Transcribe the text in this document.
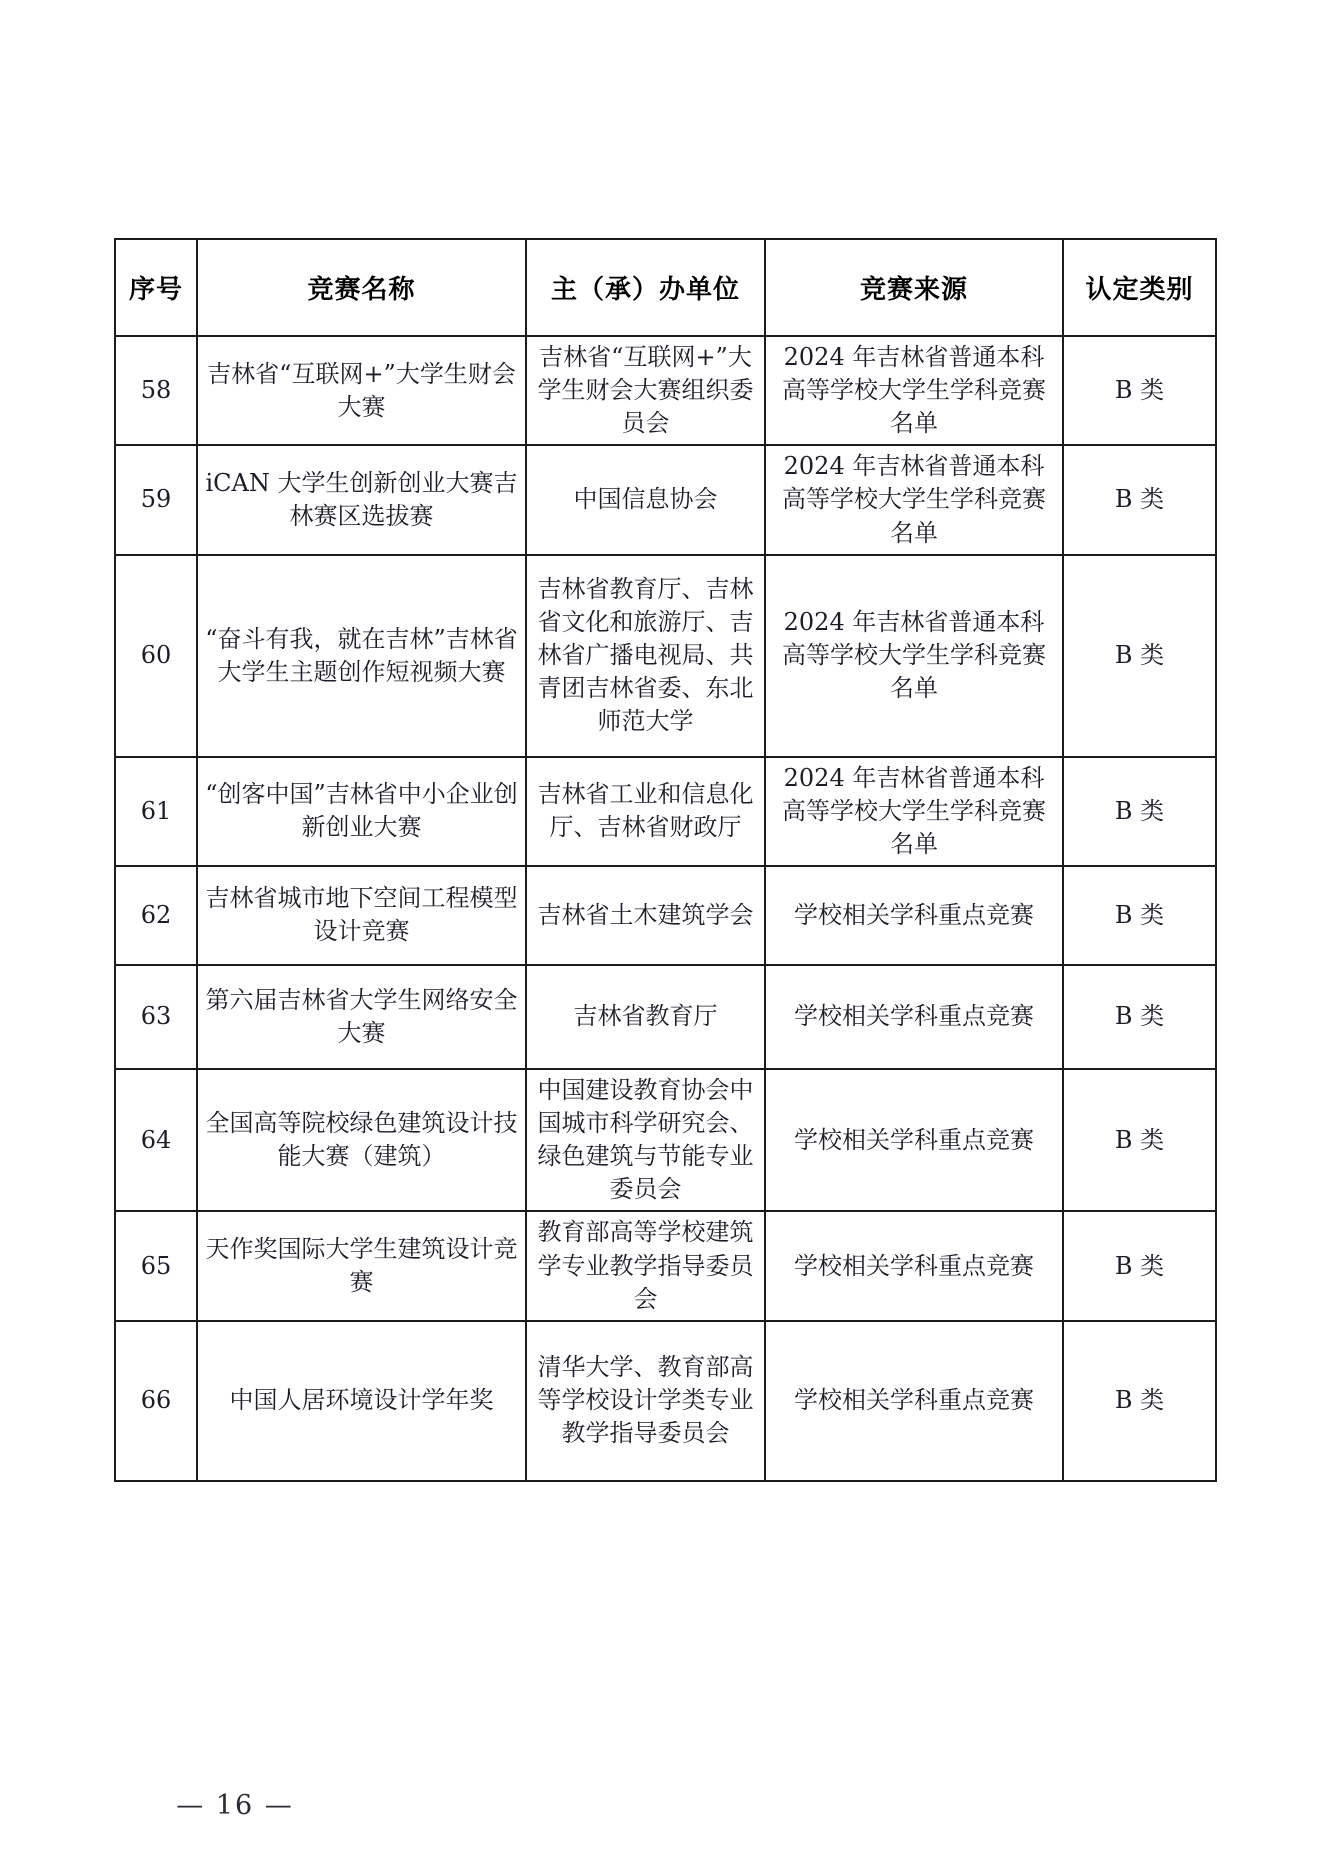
序号	竞赛名称	主（承）办单位	竞赛来源	认定类别
58	吉林省“互联网+”大学生财会大赛	吉林省“互联网+”大学生财会大赛组织委员会	2024 年吉林省普通本科高等学校大学生学科竞赛名单	B 类
59	iCAN 大学生创新创业大赛吉林赛区选拔赛	中国信息协会	2024 年吉林省普通本科高等学校大学生学科竞赛名单	B 类
60	“奋斗有我，就在吉林”吉林省大学生主题创作短视频大赛	吉林省教育厅、吉林省文化和旅游厅、吉林省广播电视局、共青团吉林省委、东北师范大学	2024 年吉林省普通本科高等学校大学生学科竞赛名单	B 类
61	“创客中国”吉林省中小企业创新创业大赛	吉林省工业和信息化厅、吉林省财政厅	2024 年吉林省普通本科高等学校大学生学科竞赛名单	B 类
62	吉林省城市地下空间工程模型设计竞赛	吉林省土木建筑学会	学校相关学科重点竞赛	B 类
63	第六届吉林省大学生网络安全大赛	吉林省教育厅	学校相关学科重点竞赛	B 类
64	全国高等院校绿色建筑设计技能大赛（建筑）	中国建设教育协会中国城市科学研究会、绿色建筑与节能专业委员会	学校相关学科重点竞赛	B 类
65	天作奖国际大学生建筑设计竞赛	教育部高等学校建筑学专业教学指导委员会	学校相关学科重点竞赛	B 类
66	中国人居环境设计学年奖	清华大学、教育部高等学校设计学类专业教学指导委员会	学校相关学科重点竞赛	B 类
— 16 —
